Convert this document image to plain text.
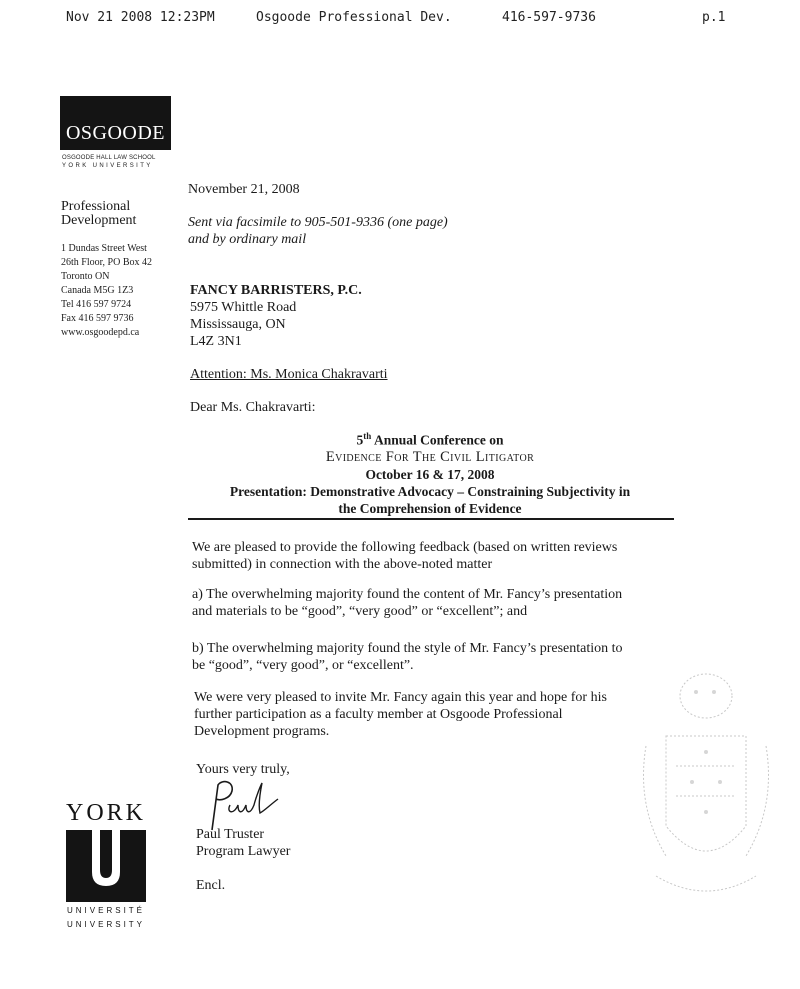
Nov 21 2008 12:23PM

	Osgoode Professional Dev.

	416-597-9736

	p.1

OSGOODE
OSGOODE HALL LAW SCHOOL
YORK UNIVERSITY
Professional Development
1 Dundas Street West
26th Floor, PO Box 42
Toronto ON
Canada M5G 1Z3
Tel 416 597 9724
Fax 416 597 9736
www.osgoodepd.ca
November 21, 2008
Sent via facsimile to 905-501-9336 (one page)
and by ordinary mail
FANCY BARRISTERS, P.C.
5975 Whittle Road
Mississauga, ON
L4Z 3N1
Attention: Ms. Monica Chakravarti
Dear Ms. Chakravarti:
5th Annual Conference on
Evidence For The Civil Litigator
October 16 & 17, 2008
Presentation: Demonstrative Advocacy – Constraining Subjectivity in
the Comprehension of Evidence
We are pleased to provide the following feedback (based on written reviews
submitted) in connection with the above-noted matter
a) The overwhelming majority found the content of Mr. Fancy’s presentation
and materials to be “good”, “very good” or “excellent”; and
b) The overwhelming majority found the style of Mr. Fancy’s presentation to
be “good”, “very good”, or “excellent”.
We were very pleased to invite Mr. Fancy again this year and hope for his
further participation as a faculty member at Osgoode Professional
Development programs.
Yours very truly,
Paul Truster
Program Lawyer
Encl.
YORK
UNIVERSITÉ
UNIVERSITY
